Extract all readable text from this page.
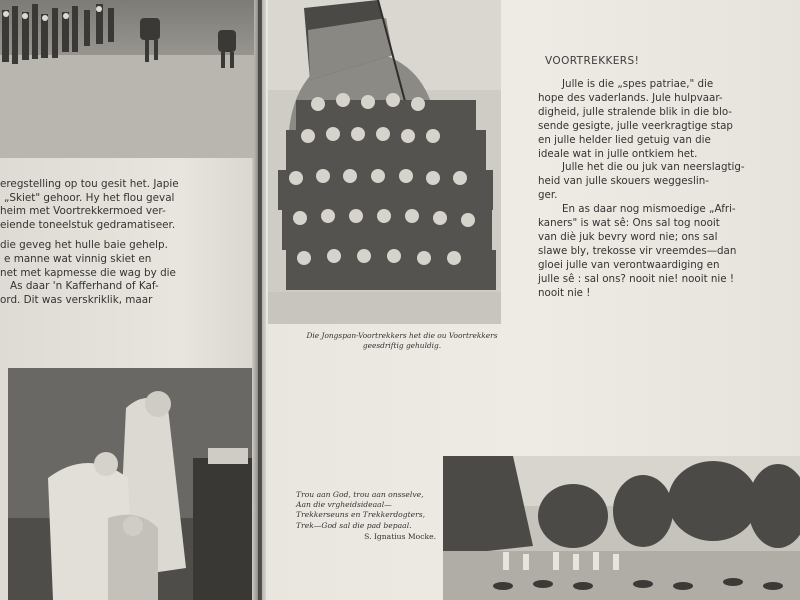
eregstelling op tou gesit het. Japie
„Skiet" gehoor. Hy het flou geval
heim met Voortrekkermoed ver-
eiende toneelstuk gedramatiseer.
die geveg het hulle baie gehelp.
e manne wat vinnig skiet en
net met kapmesse die wag by die
As daar 'n Kafferhand of Kaf-
ord. Dit was verskriklik, maar
Die Jongspan-Voortrekkers het die ou Voortrekkers geesdriftig gehuldig.
VOORTREKKERS!
Julle is die „spes patriae," die
hope des vaderlands. Jule hulpvaar-
digheid, julle stralende blik in die blo-
sende gesigte, julle veerkragtige stap
en julle helder lied getuig van die
ideale wat in julle ontkiem het.
Julle het die ou juk van neerslagtig-
heid van julle skouers weggeslin-
ger.
En as daar nog mismoedige „Afri-
kaners" is wat sê: Ons sal tog nooit
van diè juk bevry word nie; ons sal
slawe bly, trekosse vir vreemdes—dan
gloei julle van verontwaardiging en
julle sê : sal ons? nooit nie! nooit nie !
nooit nie !
Trou aan God, trou aan onsselve,
Aan die vrgheidsideaal—
Trekkerseuns en Trekkerdogters,
Trek—God sal die pad bepaal.
S. Ignatius Mocke.
